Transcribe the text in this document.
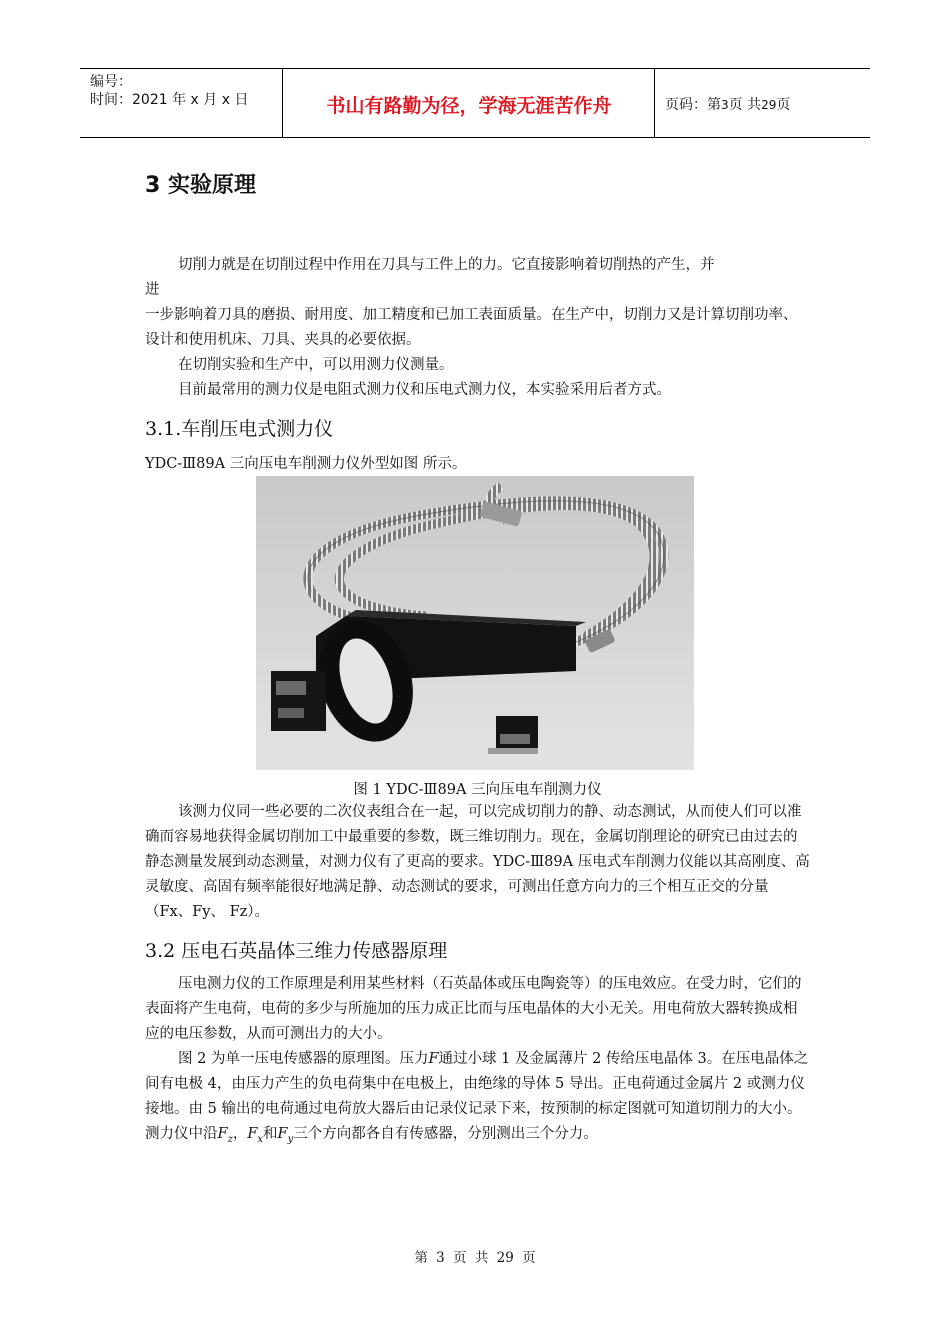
编号：
时间：2021 年 x 月 x 日	书山有路勤为径，学海无涯苦作舟	页码：第3页 共29页
3 实验原理

切削力就是在切削过程中作用在刀具与工件上的力。它直接影响着切削热的产生，并

进

一步影响着刀具的磨损、耐用度、加工精度和已加工表面质量。在生产中，切削力又是计算切削功率、设计和使用机床、刀具、夹具的必要依据。

在切削实验和生产中，可以用测力仪测量。

目前最常用的测力仪是电阻式测力仪和压电式测力仪，本实验采用后者方式。

3.1.车削压电式测力仪

YDC-Ⅲ89A 三向压电车削测力仪外型如图 所示。

图 1 YDC-Ⅲ89A 三向压电车削测力仪

该测力仪同一些必要的二次仪表组合在一起，可以完成切削力的静、动态测试，从而使人们可以准确而容易地获得金属切削加工中最重要的参数，既三维切削力。现在，金属切削理论的研究已由过去的静态测量发展到动态测量，对测力仪有了更高的要求。YDC-Ⅲ89A 压电式车削测力仪能以其高刚度、高灵敏度、高固有频率能很好地满足静、动态测试的要求，可测出任意方向力的三个相互正交的分量（Fx、Fy、 Fz）。

3.2 压电石英晶体三维力传感器原理

压电测力仪的工作原理是利用某些材料（石英晶体或压电陶瓷等）的压电效应。在受力时，它们的表面将产生电荷，电荷的多少与所施加的压力成正比而与压电晶体的大小无关。用电荷放大器转换成相应的电压参数，从而可测出力的大小。

图 2 为单一压电传感器的原理图。压力F通过小球 1 及金属薄片 2 传给压电晶体 3。在压电晶体之间有电极 4，由压力产生的负电荷集中在电极上，由绝缘的导体 5 导出。正电荷通过金属片 2 或测力仪接地。由 5 输出的电荷通过电荷放大器后由记录仪记录下来，按预制的标定图就可知道切削力的大小。测力仪中沿$F_z$，$F_x$和$F_y$三个方向都各自有传感器，分别测出三个分力。

第 3 页 共 29 页
